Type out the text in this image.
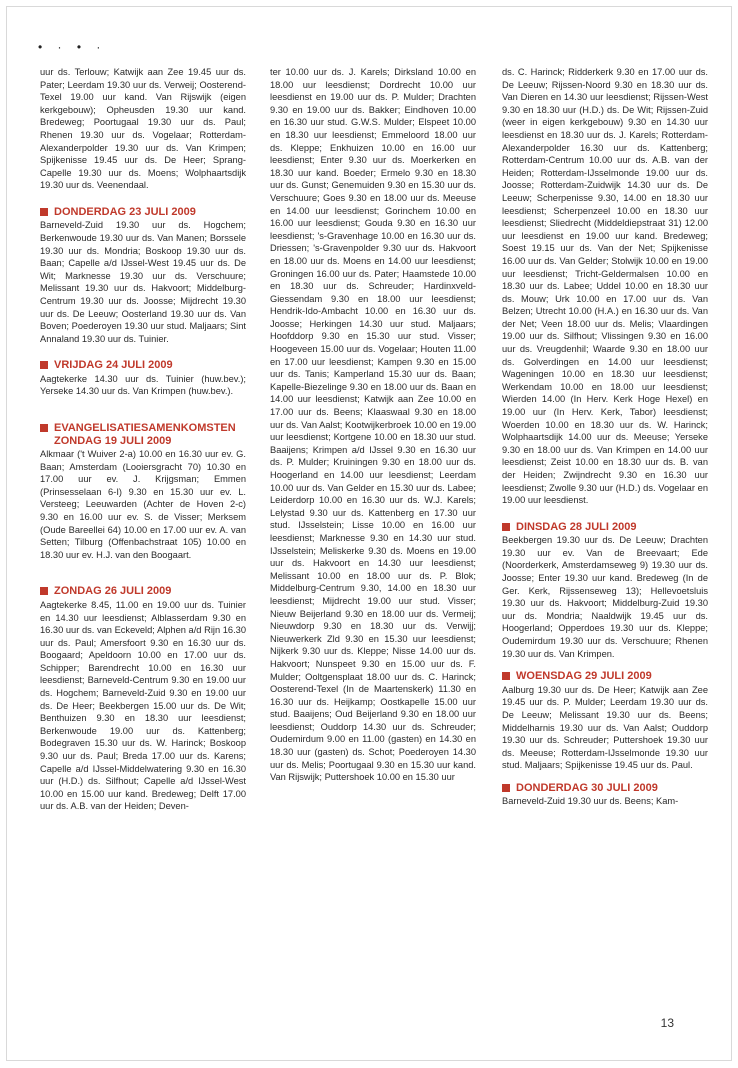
• · • ·

uur ds. Terlouw; Katwijk aan Zee 19.45 uur ds. Pater; Leerdam 19.30 uur ds. Verweij; Oosterend-Texel 19.00 uur kand. Van Rijswijk (eigen kerkgebouw); Opheusden 19.30 uur kand. Bredeweg; Poortugaal 19.30 uur ds. Paul; Rhenen 19.30 uur ds. Vogelaar; Rotterdam-Alexanderpolder 19.30 uur ds. Van Krimpen; Spijkenisse 19.45 uur ds. De Heer; Sprang-Capelle 19.30 uur ds. Moens; Wolphaartsdijk 19.30 uur ds. Veenendaal.

DONDERDAG 23 JULI 2009

Barneveld-Zuid 19.30 uur ds. Hogchem; Berkenwoude 19.30 uur ds. Van Manen; Borssele 19.30 uur ds. Mondria; Boskoop 19.30 uur ds. Baan; Capelle a/d IJssel-West 19.45 uur ds. De Wit; Marknesse 19.30 uur ds. Verschuure; Melissant 19.30 uur ds. Hakvoort; Middelburg-Centrum 19.30 uur ds. Joosse; Mijdrecht 19.30 uur ds. De Leeuw; Oosterland 19.30 uur ds. Van Boven; Poederoyen 19.30 uur stud. Maljaars; Sint Annaland 19.30 uur ds. Tuinier.

VRIJDAG 24 JULI 2009

Aagtekerke 14.30 uur ds. Tuinier (huw.bev.); Yerseke 14.30 uur ds. Van Krimpen (huw.bev.).

EVANGELISATIESAMENKOMSTEN
ZONDAG 19 JULI 2009

Alkmaar ('t Wuiver 2-a) 10.00 en 16.30 uur ev. G. Baan; Amsterdam (Looiersgracht 70) 10.30 en 17.00 uur ev. J. Krijgsman; Emmen (Prinsesselaan 6-I) 9.30 en 15.30 uur ev. L. Versteeg; Leeuwarden (Achter de Hoven 2-c) 9.30 en 16.00 uur ev. S. de Visser; Merksem (Oude Bareellei 64) 10.00 en 17.00 uur ev. A. van Setten; Tilburg (Offenbachstraat 105) 10.00 en 18.30 uur ev. H.J. van den Boogaart.

ZONDAG 26 JULI 2009

Aagtekerke 8.45, 11.00 en 19.00 uur ds. Tuinier en 14.30 uur leesdienst; Alblasserdam 9.30 en 16.30 uur ds. van Eckeveld; Alphen a/d Rijn 16.30 uur ds. Paul; Amersfoort 9.30 en 16.30 uur ds. Boogaard; Apeldoorn 10.00 en 17.00 uur ds. Schipper; Barendrecht 10.00 en 16.30 uur leesdienst; Barneveld-Centrum 9.30 en 19.00 uur ds. Hogchem; Barneveld-Zuid 9.30 en 19.00 uur ds. De Heer; Beekbergen 15.00 uur ds. De Wit; Benthuizen 9.30 en 18.30 uur leesdienst; Berkenwoude 19.00 uur ds. Kattenberg; Bodegraven 15.30 uur ds. W. Harinck; Boskoop 9.30 uur ds. Paul; Breda 17.00 uur ds. Karens; Capelle a/d IJssel-Middelwatering 9.30 en 16.30 uur (H.D.) ds. Silfhout; Capelle a/d IJssel-West 10.00 en 15.00 uur kand. Bredeweg; Delft 17.00 uur ds. A.B. van der Heiden; Deven-

ter 10.00 uur ds. J. Karels; Dirksland 10.00 en 18.00 uur leesdienst; Dordrecht 10.00 uur leesdienst en 19.00 uur ds. P. Mulder; Drachten 9.30 en 19.00 uur ds. Bakker; Eindhoven 10.00 en 16.30 uur stud. G.W.S. Mulder; Elspeet 10.00 en 18.30 uur leesdienst; Emmeloord 18.00 uur ds. Kleppe; Enkhuizen 10.00 en 16.00 uur leesdienst; Enter 9.30 uur ds. Moerkerken en 18.30 uur kand. Boeder; Ermelo 9.30 en 18.30 uur ds. Gunst; Genemuiden 9.30 en 15.30 uur ds. Verschuure; Goes 9.30 en 18.00 uur ds. Meeuse en 14.00 uur leesdienst; Gorinchem 10.00 en 16.00 uur leesdienst; Gouda 9.30 en 16.30 uur leesdienst; 's-Gravenhage 10.00 en 16.30 uur ds. Driessen; 's-Gravenpolder 9.30 uur ds. Hakvoort en 18.00 uur ds. Moens en 14.00 uur leesdienst; Groningen 16.00 uur ds. Pater; Haamstede 10.00 en 18.30 uur ds. Schreuder; Hardinxveld-Giessendam 9.30 en 18.00 uur leesdienst; Hendrik-Ido-Ambacht 10.00 en 16.30 uur ds. Joosse; Herkingen 14.30 uur stud. Maljaars; Hoofddorp 9.30 en 15.30 uur stud. Visser; Hoogeveen 15.00 uur ds. Vogelaar; Houten 11.00 en 17.00 uur leesdienst; Kampen 9.30 en 15.00 uur ds. Tanis; Kamperland 15.30 uur ds. Baan; Kapelle-Biezelinge 9.30 en 18.00 uur ds. Baan en 14.00 uur leesdienst; Katwijk aan Zee 10.00 en 17.00 uur ds. Beens; Klaaswaal 9.30 en 18.00 uur ds. Van Aalst; Kootwijkerbroek 10.00 en 19.00 uur leesdienst; Kortgene 10.00 en 18.30 uur stud. Baaijens; Krimpen a/d IJssel 9.30 en 16.30 uur ds. P. Mulder; Kruiningen 9.30 en 18.00 uur ds. Hoogerland en 14.00 uur leesdienst; Leerdam 10.00 uur ds. Van Gelder en 15.30 uur ds. Labee; Leiderdorp 10.00 en 16.30 uur ds. W.J. Karels; Lelystad 9.30 uur ds. Kattenberg en 17.30 uur stud. IJsselstein; Lisse 10.00 en 16.00 uur leesdienst; Marknesse 9.30 en 14.30 uur stud. IJsselstein; Meliskerke 9.30 ds. Moens en 19.00 uur ds. Hakvoort en 14.30 uur leesdienst; Melissant 10.00 en 18.00 uur ds. P. Blok; Middelburg-Centrum 9.30, 14.00 en 18.30 uur leesdienst; Mijdrecht 19.00 uur stud. Visser; Nieuw Beijerland 9.30 en 18.00 uur ds. Vermeij; Nieuwdorp 9.30 en 18.30 uur ds. Verwijj; Nieuwerkerk Zld 9.30 en 15.30 uur leesdienst; Nijkerk 9.30 uur ds. Kleppe; Nisse 14.00 uur ds. Hakvoort; Nunspeet 9.30 en 15.00 uur ds. F. Mulder; Ooltgensplaat 18.00 uur ds. C. Harinck; Oosterend-Texel (In de Maartenskerk) 11.30 en 16.30 uur ds. Heijkamp; Oostkapelle 15.00 uur stud. Baaijens; Oud Beijerland 9.30 en 18.00 uur leesdienst; Ouddorp 14.30 uur ds. Schreuder; Oudemirdum 9.00 en 11.00 (gasten) en 14.30 en 18.30 uur (gasten) ds. Schot; Poederoyen 14.30 uur ds. Melis; Poortugaal 9.30 en 15.30 uur kand. Van Rijswijk; Puttershoek 10.00 en 15.30 uur

ds. C. Harinck; Ridderkerk 9.30 en 17.00 uur ds. De Leeuw; Rijssen-Noord 9.30 en 18.30 uur ds. Van Dieren en 14.30 uur leesdienst; Rijssen-West 9.30 en 18.30 uur (H.D.) ds. De Wit; Rijssen-Zuid (weer in eigen kerkgebouw) 9.30 en 14.30 uur leesdienst en 18.30 uur ds. J. Karels; Rotterdam-Alexanderpolder 16.30 uur ds. Kattenberg; Rotterdam-Centrum 10.00 uur ds. A.B. van der Heiden; Rotterdam-IJsselmonde 19.00 uur ds. Joosse; Rotterdam-Zuidwijk 14.30 uur ds. De Leeuw; Scherpenisse 9.30, 14.00 en 18.30 uur leesdienst; Scherpenzeel 10.00 en 18.30 uur leesdienst; Sliedrecht (Middeldiepstraat 31) 12.00 uur leesdienst en 19.00 uur kand. Bredeweg; Soest 19.15 uur ds. Van der Net; Spijkenisse 16.00 uur ds. Van Gelder; Stolwijk 10.00 en 19.00 uur leesdienst; Tricht-Geldermalsen 10.00 en 18.30 uur ds. Labee; Uddel 10.00 en 18.30 uur ds. Mouw; Urk 10.00 en 17.00 uur ds. Van Belzen; Utrecht 10.00 (H.A.) en 16.30 uur ds. Van der Net; Veen 18.00 uur ds. Melis; Vlaardingen 19.00 uur ds. Silfhout; Vlissingen 9.30 en 16.00 uur ds. Vreugdenhil; Waarde 9.30 en 18.00 uur ds. Golverdingen en 14.00 uur leesdienst; Wageningen 10.00 en 18.30 uur leesdienst; Werkendam 10.00 en 18.00 uur leesdienst; Wierden 14.00 (In Herv. Kerk Hoge Hexel) en 19.00 uur (In Herv. Kerk, Tabor) leesdienst; Woerden 10.00 en 18.30 uur ds. W. Harinck; Wolphaartsdijk 14.00 uur ds. Meeuse; Yerseke 9.30 en 18.00 uur ds. Van Krimpen en 14.00 uur leesdienst; Zeist 10.00 en 18.30 uur ds. B. van der Heiden; Zwijndrecht 9.30 en 16.30 uur leesdienst; Zwolle 9.30 uur (H.D.) ds. Vogelaar en 19.00 uur leesdienst.

DINSDAG 28 JULI 2009

Beekbergen 19.30 uur ds. De Leeuw; Drachten 19.30 uur ev. Van de Breevaart; Ede (Noorderkerk, Amsterdamseweg 9) 19.30 uur ds. Joosse; Enter 19.30 uur kand. Bredeweg (In de Ger. Kerk, Rijssenseweg 13); Hellevoetsluis 19.30 uur ds. Hakvoort; Middelburg-Zuid 19.30 uur ds. Mondria; Naaldwijk 19.45 uur ds. Hoogerland; Opperdoes 19.30 uur ds. Kleppe; Oudemirdum 19.30 uur ds. Verschuure; Rhenen 19.30 uur ds. Van Krimpen.

WOENSDAG 29 JULI 2009

Aalburg 19.30 uur ds. De Heer; Katwijk aan Zee 19.45 uur ds. P. Mulder; Leerdam 19.30 uur ds. De Leeuw; Melissant 19.30 uur ds. Beens; Middelharnis 19.30 uur ds. Van Aalst; Ouddorp 19.30 uur ds. Schreuder; Puttershoek 19.30 uur ds. Meeuse; Rotterdam-IJsselmonde 19.30 uur stud. Maljaars; Spijkenisse 19.45 uur ds. Paul.

DONDERDAG 30 JULI 2009

Barneveld-Zuid 19.30 uur ds. Beens; Kam-

13
